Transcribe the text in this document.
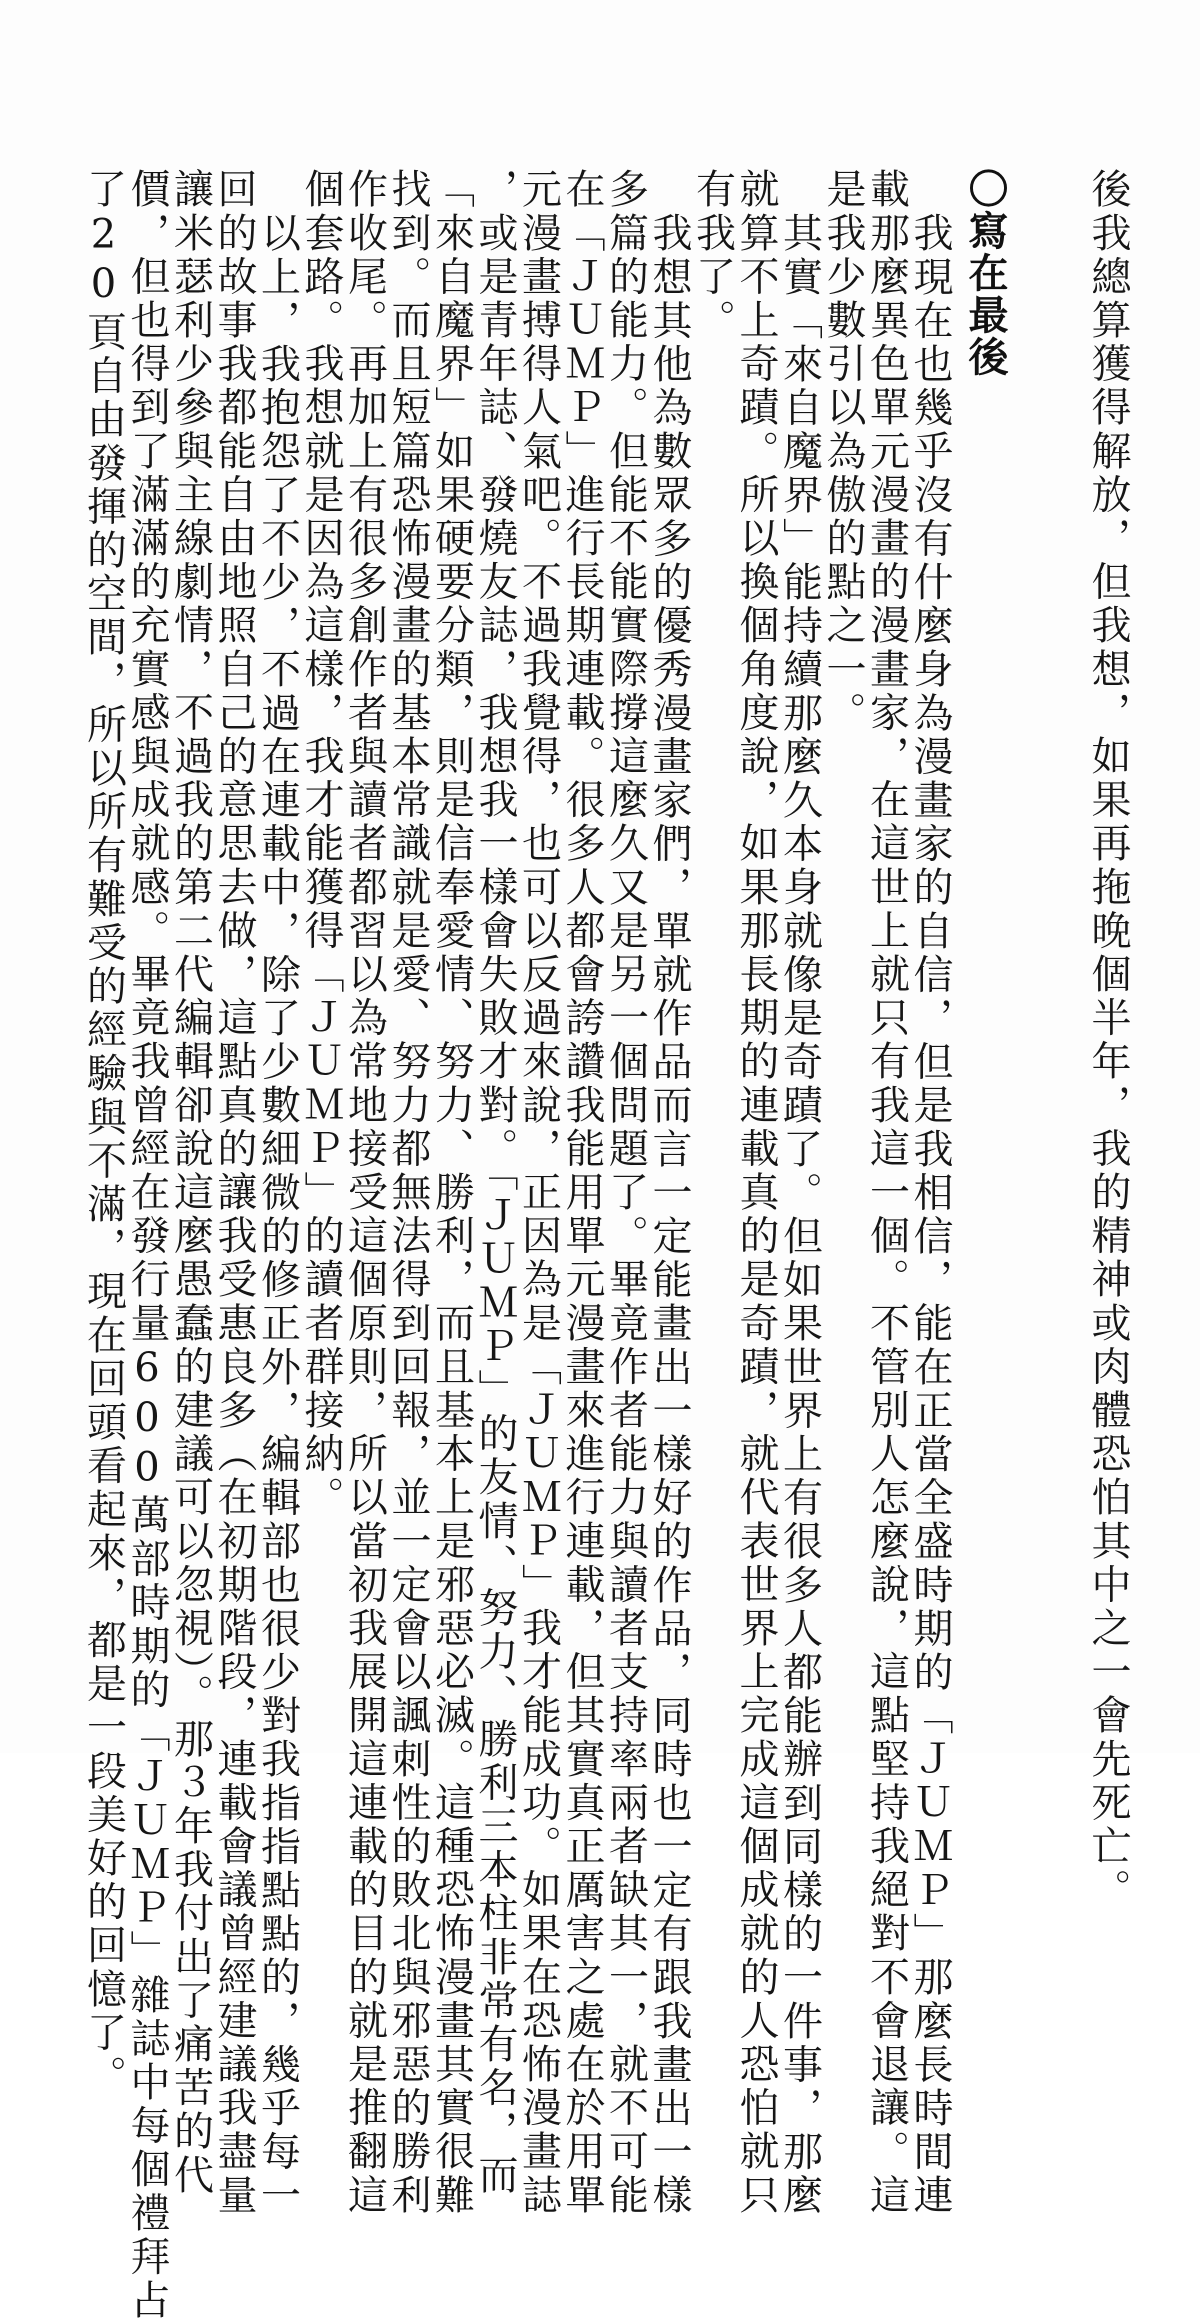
後我總算獲得解放，但我想，如果再拖晚個半年，我的精神或肉體恐怕其中之一會先死亡。
〇寫在最後
我現在也幾乎沒有什麼身為漫畫家的自信，但是我相信，能在正當全盛時期的「ＪＵＭＰ」那麼長時間連
載那麼異色單元漫畫的漫畫家，在這世上就只有我這一個。不管別人怎麼說，這點堅持我絕對不會退讓。這
是我少數引以為傲的點之一。
其實「來自魔界」能持續那麼久本身就像是奇蹟了。但如果世界上有很多人都能辦到同樣的一件事，那麼
就算不上奇蹟。所以換個角度說，如果那長期的連載真的是奇蹟，就代表世界上完成這個成就的人恐怕就只
有我了。
我想其他為數眾多的優秀漫畫家們，單就作品而言一定能畫出一樣好的作品，同時也一定有跟我畫出一樣
多篇的能力。但能不能實際撐這麼久又是另一個問題了。畢竟作者能力與讀者支持率兩者缺其一，就不可能
在「ＪＵＭＰ」進行長期連載。很多人都會誇讚我能用單元漫畫來進行連載，但其實真正厲害之處在於用單
元漫畫搏得人氣吧。不過我覺得，也可以反過來說，正因為是「ＪＵＭＰ」我才能成功。如果在恐怖漫畫誌
，或是青年誌、發燒友誌，我想我一樣會失敗才對。「ＪＵＭＰ」的友情、努力、勝利三本柱非常有名，而
「來自魔界」如果硬要分類，則是信奉愛情、努力、勝利，而且基本上是邪惡必滅。這種恐怖漫畫其實很難
找到。而且短篇恐怖漫畫的基本常識就是愛、努力都無法得到回報，並一定會以諷刺性的敗北與邪惡的勝利
作收尾。再加上有很多創作者與讀者都習以為常地接受這個原則，所以當初我展開這連載的目的就是推翻這
個套路。我想就是因為這樣，我才能獲得「ＪＵＭＰ」的讀者群接納。
以上，我抱怨了不少，不過在連載中，除了少數細微的修正外，編輯部也很少對我指指點點的，幾乎每一
回的故事我都能自由地照自己的意思去做，這點真的讓我受惠良多（在初期階段，連載會議曾經建議我盡量
讓米瑟利少參與主線劇情，不過我的第二代編輯卻說這麼愚蠢的建議可以忽視）。那３年我付出了痛苦的代
價，但也得到了滿滿的充實感與成就感。畢竟我曾經在發行量600萬部時期的「ＪＵＭＰ」雜誌中每個禮拜占
了20頁自由發揮的空間，所以所有難受的經驗與不滿，現在回頭看起來，都是一段美好的回憶了。
